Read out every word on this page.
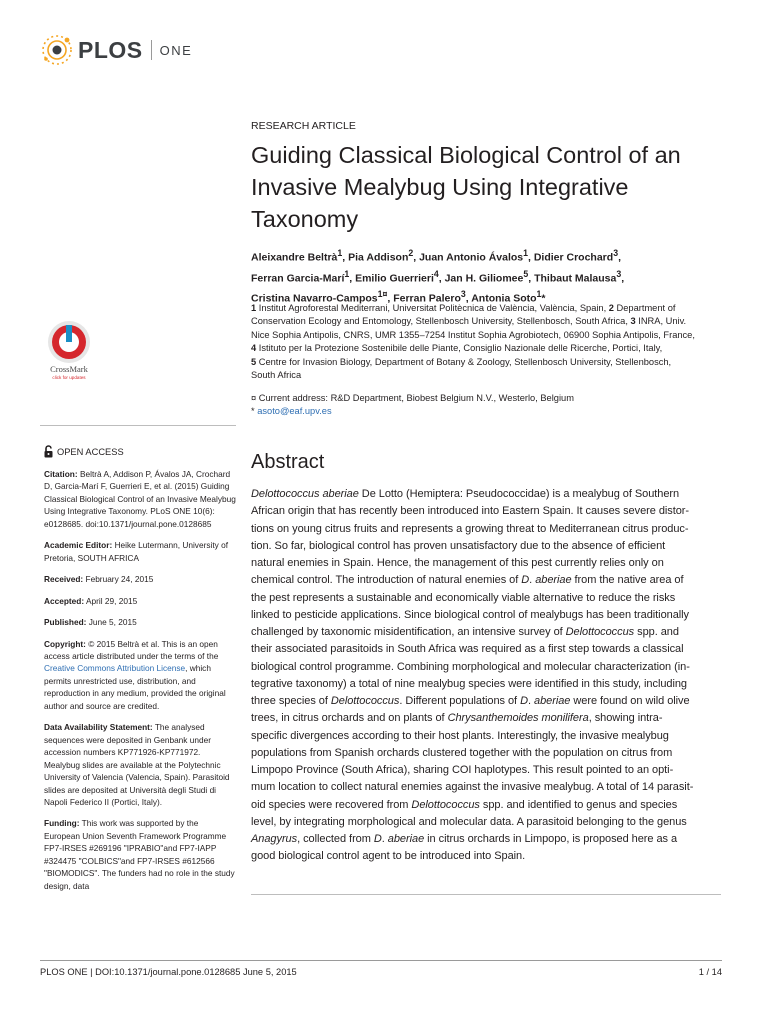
PLOS ONE
RESEARCH ARTICLE
Guiding Classical Biological Control of an Invasive Mealybug Using Integrative Taxonomy
Aleixandre Beltrà$^1$, Pia Addison$^2$, Juan Antonio Ávalos$^1$, Didier Crochard$^3$,
Ferran Garcia-Marí$^1$, Emilio Guerrieri$^4$, Jan H. Giliomee$^5$, Thibaut Malausa$^3$,
Cristina Navarro-Campos$^{1¤}$, Ferran Palero$^3$, Antonia Soto$^1$*
1 Institut Agroforestal Mediterrani, Universitat Politècnica de València, València, Spain, 2 Department of
Conservation Ecology and Entomology, Stellenbosch University, Stellenbosch, South Africa, 3 INRA, Univ.
Nice Sophia Antipolis, CNRS, UMR 1355–7254 Institut Sophia Agrobiotech, 06900 Sophia Antipolis, France,
4 Istituto per la Protezione Sostenibile delle Piante, Consiglio Nazionale delle Ricerche, Portici, Italy,
5 Centre for Invasion Biology, Department of Botany & Zoology, Stellenbosch University, Stellenbosch,
South Africa
¤ Current address: R&D Department, Biobest Belgium N.V., Westerlo, Belgium
* asoto@eaf.upv.es
CrossMark
click for updates
OPEN ACCESS

Citation: Beltrà A, Addison P, Ávalos JA, Crochard D, Garcia-Marí F, Guerrieri E, et al. (2015) Guiding Classical Biological Control of an Invasive Mealybug Using Integrative Taxonomy. PLoS ONE 10(6): e0128685. doi:10.1371/journal.pone.0128685

Academic Editor: Heike Lutermann, University of Pretoria, SOUTH AFRICA

Received: February 24, 2015

Accepted: April 29, 2015

Published: June 5, 2015

Copyright: © 2015 Beltrà et al. This is an open access article distributed under the terms of the Creative Commons Attribution License, which permits unrestricted use, distribution, and reproduction in any medium, provided the original author and source are credited.

Data Availability Statement: The analysed sequences were deposited in Genbank under accession numbers KP771926-KP771972. Mealybug slides are available at the Polytechnic University of Valencia (Valencia, Spain). Parasitoid slides are deposited at Università degli Studi di Napoli Federico II (Portici, Italy).

Funding: This work was supported by the European Union Seventh Framework Programme FP7-IRSES #269196 "IPRABIO"and FP7-IAPP #324475 "COLBICS"and FP7-IRSES #612566 "BIOMODICS". The funders had no role in the study design, data

Abstract

Delottococcus aberiae De Lotto (Hemiptera: Pseudococcidae) is a mealybug of Southern
African origin that has recently been introduced into Eastern Spain. It causes severe distor-
tions on young citrus fruits and represents a growing threat to Mediterranean citrus produc-
tion. So far, biological control has proven unsatisfactory due to the absence of efficient
natural enemies in Spain. Hence, the management of this pest currently relies only on
chemical control. The introduction of natural enemies of D. aberiae from the native area of
the pest represents a sustainable and economically viable alternative to reduce the risks
linked to pesticide applications. Since biological control of mealybugs has been traditionally
challenged by taxonomic misidentification, an intensive survey of Delottococcus spp. and
their associated parasitoids in South Africa was required as a first step towards a classical
biological control programme. Combining morphological and molecular characterization (in-
tegrative taxonomy) a total of nine mealybug species were identified in this study, including
three species of Delottococcus. Different populations of D. aberiae were found on wild olive
trees, in citrus orchards and on plants of Chrysanthemoides monilifera, showing intra-
specific divergences according to their host plants. Interestingly, the invasive mealybug
populations from Spanish orchards clustered together with the population on citrus from
Limpopo Province (South Africa), sharing COI haplotypes. This result pointed to an opti-
mum location to collect natural enemies against the invasive mealybug. A total of 14 parasit-
oid species were recovered from Delottococcus spp. and identified to genus and species
level, by integrating morphological and molecular data. A parasitoid belonging to the genus
Anagyrus, collected from D. aberiae in citrus orchards in Limpopo, is proposed here as a
good biological control agent to be introduced into Spain.

PLOS ONE | DOI:10.1371/journal.pone.0128685 June 5, 2015	1 / 14
